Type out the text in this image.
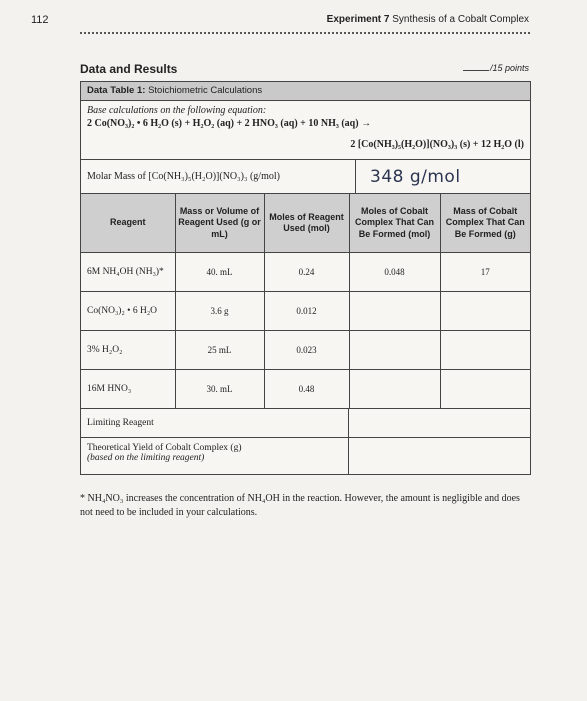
112	Experiment 7 Synthesis of a Cobalt Complex
Data and Results	/15 points
Data Table 1: Stoichiometric Calculations
Base calculations on the following equation:
2 Co(NO₃)₂ • 6 H₂O (s) + H₂O₂ (aq) + 2 HNO₃ (aq) + 10 NH₃ (aq) →
2 [Co(NH₃)₅(H₂O)](NO₃)₃ (s) + 12 H₂O (l)
Molar Mass of [Co(NH₃)₅(H₂O)](NO₃)₃ (g/mol)	348 g/mol
Reagent	Mass or Volume of Reagent Used (g or mL)	Moles of Reagent Used (mol)	Moles of Cobalt Complex That Can Be Formed (mol)	Mass of Cobalt Complex That Can Be Formed (g)
6M NH₄OH (NH₃)*	40. mL	0.24	0.048	17
Co(NO₃)₂ • 6 H₂O	3.6 g	0.012		
3% H₂O₂	25 mL	0.023		
16M HNO₃	30. mL	0.48		
Limiting Reagent
Theoretical Yield of Cobalt Complex (g)
(based on the limiting reagent)
* NH₄NO₃ increases the concentration of NH₄OH in the reaction. However, the amount is negligible and does not need to be included in your calculations.
